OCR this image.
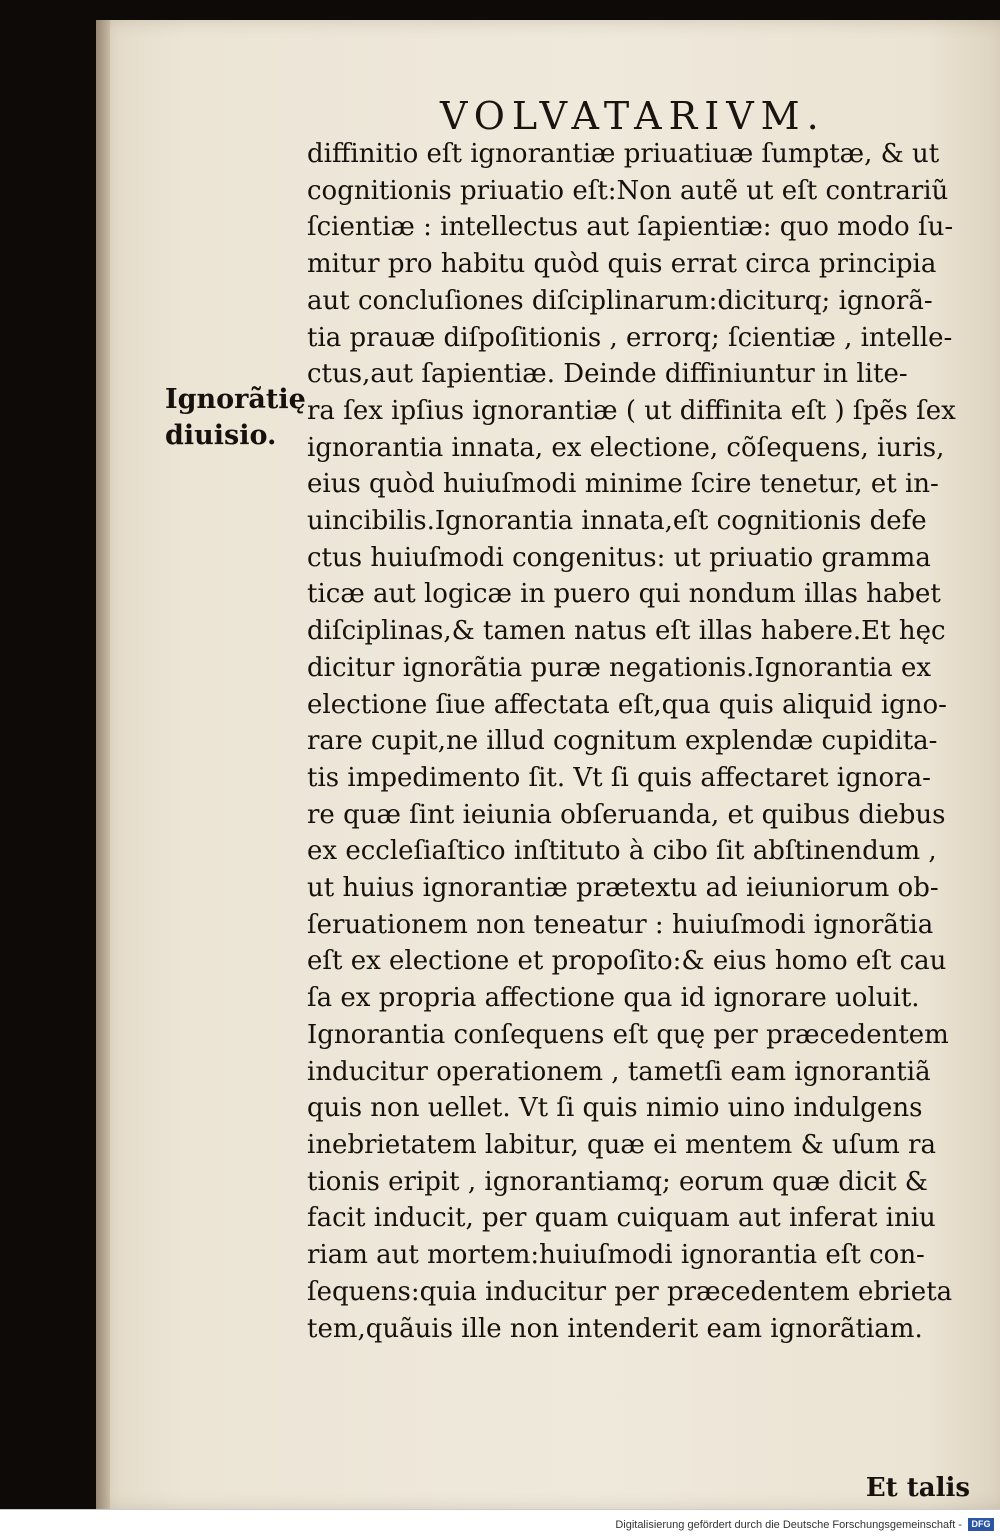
VOLVATARIVM.
Ignorãtię
diuisio.
diffinitio eſt ignorantiæ priuatiuæ ſumptæ, & ut
cognitionis priuatio eſt:Non autẽ ut eſt contrariũ
ſcientiæ : intellectus aut ſapientiæ: quo modo ſu-
mitur pro habitu quòd quis errat circa principia
aut concluſiones diſciplinarum:diciturq; ignorã-
tia prauæ diſpoſitionis , errorq; ſcientiæ , intelle-
ctus,aut ſapientiæ. Deinde diffiniuntur in lite-
ra ſex ipſius ignorantiæ ( ut diffinita eſt ) ſpẽs ſex
ignorantia innata, ex electione, cõſequens, iuris,
eius quòd huiuſmodi minime ſcire tenetur, et in-
uincibilis.Ignorantia innata,eſt cognitionis defe
ctus huiuſmodi congenitus: ut priuatio gramma
ticæ aut logicæ in puero qui nondum illas habet
diſciplinas,& tamen natus eſt illas habere.Et hęc
dicitur ignorãtia puræ negationis.Ignorantia ex
electione ſiue affectata eſt,qua quis aliquid igno-
rare cupit,ne illud cognitum explendæ cupidita-
tis impedimento ſit. Vt ſi quis affectaret ignora-
re quæ ſint ieiunia obſeruanda, et quibus diebus
ex eccleſiaſtico inſtituto à cibo ſit abſtinendum ,
ut huius ignorantiæ prætextu ad ieiuniorum ob-
ſeruationem non teneatur : huiuſmodi ignorãtia
eſt ex electione et propoſito:& eius homo eſt cau
ſa ex propria affectione qua id ignorare uoluit.
Ignorantia conſequens eſt quę per præcedentem
inducitur operationem , tametſi eam ignorantiã
quis non uellet. Vt ſi quis nimio uino indulgens
inebrietatem labitur, quæ ei mentem & uſum ra
tionis eripit , ignorantiamq; eorum quæ dicit &
facit inducit, per quam cuiquam aut inferat iniu
riam aut mortem:huiuſmodi ignorantia eſt con-
ſequens:quia inducitur per præcedentem ebrieta
tem,quãuis ille non intenderit eam ignorãtiam.
Et talis
Digitalisierung gefördert durch die Deutsche Forschungsgemeinschaft -	DFG
